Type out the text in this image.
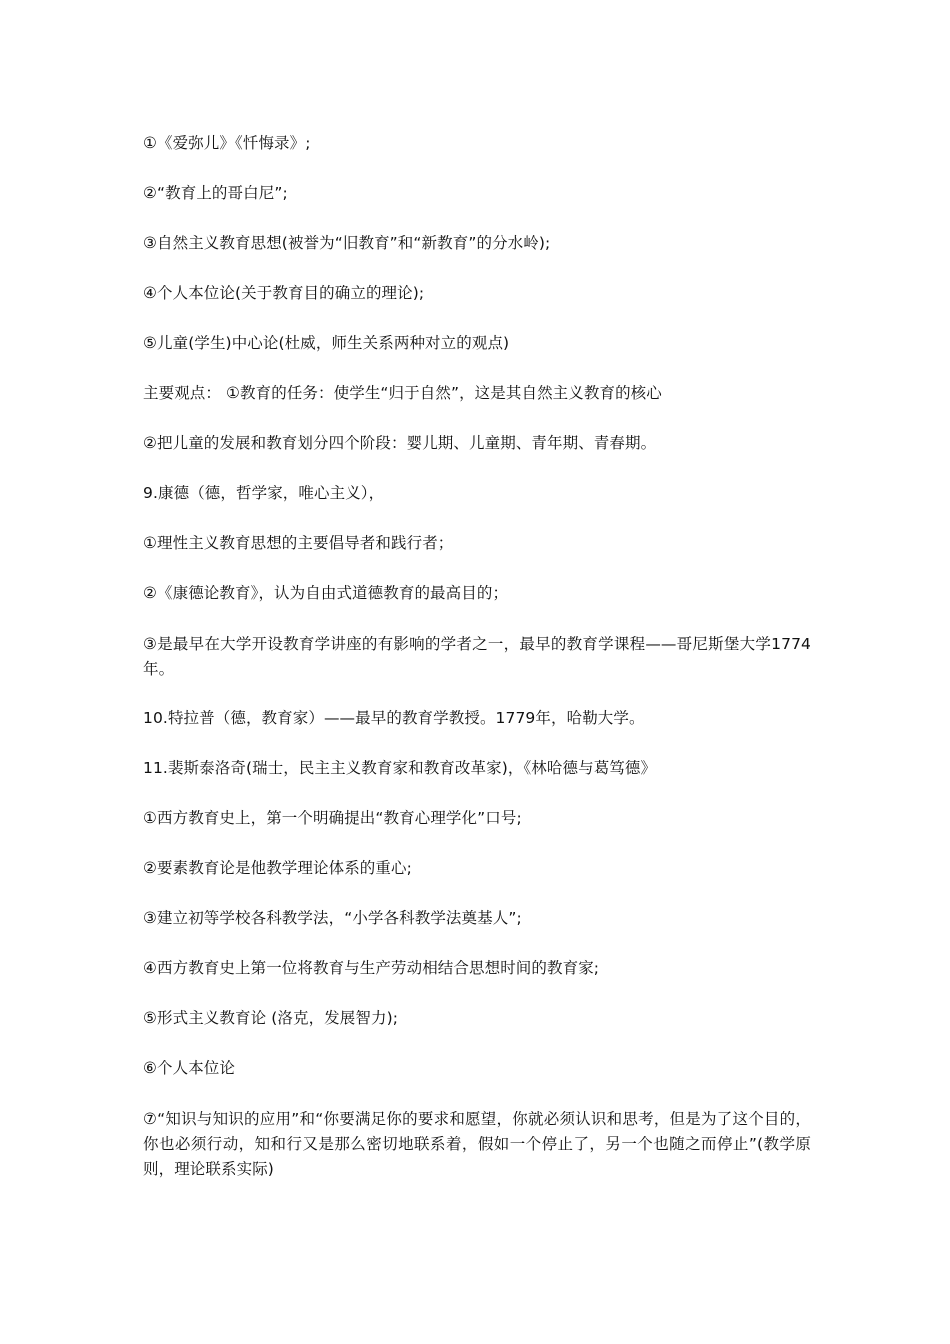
①《爱弥儿》《忏悔录》;

②“教育上的哥白尼”;

③自然主义教育思想(被誉为“旧教育”和“新教育”的分水岭);

④个人本位论(关于教育目的确立的理论);

⑤儿童(学生)中心论(杜威，师生关系两种对立的观点)

主要观点： ①教育的任务：使学生“归于自然”，这是其自然主义教育的核心

②把儿童的发展和教育划分四个阶段：婴儿期、儿童期、青年期、青春期。

9.康德（德，哲学家，唯心主义），

①理性主义教育思想的主要倡导者和践行者；

②《康德论教育》，认为自由式道德教育的最高目的；

③是最早在大学开设教育学讲座的有影响的学者之一，最早的教育学课程——哥尼斯堡大学1774年。

10.特拉普（德，教育家）——最早的教育学教授。1779年，哈勒大学。

11.裴斯泰洛奇(瑞士，民主主义教育家和教育改革家)，《林哈德与葛笃德》

①西方教育史上，第一个明确提出“教育心理学化”口号;

②要素教育论是他教学理论体系的重心;

③建立初等学校各科教学法，“小学各科教学法奠基人”;

④西方教育史上第一位将教育与生产劳动相结合思想时间的教育家;

⑤形式主义教育论 (洛克，发展智力);

⑥个人本位论

⑦“知识与知识的应用”和“你要满足你的要求和愿望，你就必须认识和思考，但是为了这个目的，你也必须行动，知和行又是那么密切地联系着，假如一个停止了，另一个也随之而停止”(教学原则，理论联系实际)
